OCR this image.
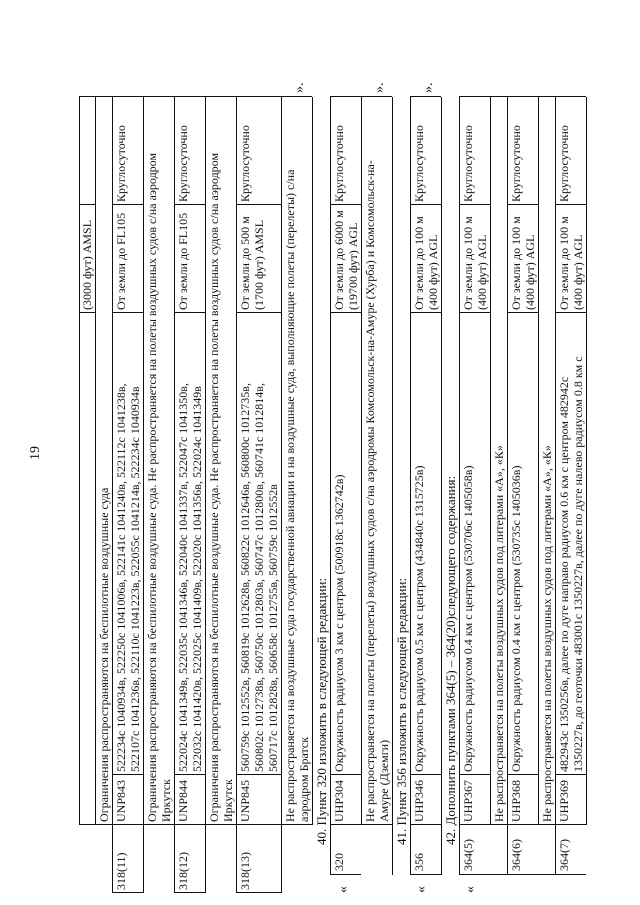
19
(3000 фут) AMSL
Ограничения распространяются на беспилотные воздушные суда
318(11)
UNP843
522234с 1040934в, 522250с 1041006в, 522141с 1041240в, 522112с 1041238в, 522107с 1041236в, 522110с 1041223в, 522055с 1041214в, 522234с 1040934в
От земли до FL105
Круглосуточно Ограничения распространяются на беспилотные воздушные суда. Не распространяется на полеты воздушных судов с/на аэродром Иркутск
318(12)
UNP844
522024с 1041349в, 522035с 1041346в, 522040с 1041337в, 522047с 1041350в, 522032с 1041420в, 522025с 1041409в, 522020с 1041356в, 522024с 1041349в
От земли до FL105
Круглосуточно Ограничения распространяются на беспилотные воздушные суда. Не распространяется на полеты воздушных судов с/на аэродром Иркутск
318(13)
UNP845
560759с 1012552в, 560819с 1012628в, 560822с 1012646в, 560800с 1012735в, 560802с 1012738в, 560750с 1012803в, 560747с 1012800в, 560741с 1012814в, 560717с 1012828в, 560658с 1012755в, 560759с 1012552в
От земли до 500 м (1700 фут) AMSL
Круглосуточно
Не распространяется на воздушные суда государственной авиации и на воздушные суда, выполняющие полеты (перелеты) с/на аэродром Братск
».
40. Пункт 320 изложить в следующей редакции:
«
320
UHP304
Окружность радиусом 3 км с центром (500918с 1362742в)
От земли до 6000 м (19700 фут) AGL
Круглосуточно Не распространяется на полеты (перелеты) воздушных судов с/на аэродромы Комсомольск-на-Амуре (Хурба) и Комсомольск-на- Амуре (Дземги)
».
41. Пункт 356 изложить в следующей редакции:
«
356
UHP346
Окружность радиусом 0.5 км с центром (434840с 1315725в)
От земли до 100 м (400 фут) AGL
Круглосуточно
».
42. Дополнить пунктами 364(5) – 364(20)следующего содержания:
«
364(5)
UHP367
Окружность радиусом 0.4 км с центром (530706с 1405058в)
От земли до 100 м (400 фут) AGL
Круглосуточно
Не распространяется на полеты воздушных судов под литерами «А», «К»
364(6)
UHP368
Окружность радиусом 0.4 км с центром (530735с 1405036в)
От земли до 100 м (400 фут) AGL
Круглосуточно
Не распространяется на полеты воздушных судов под литерами «А», «К»
364(7)
UHP369
482943с 1350256в, далее по дуге направо радиусом 0.6 км с центром 482942с 1350227в, до геоточки 483001с 1350227в, далее по дуге налево радиусом 0.8 км с
От земли до 100 м (400 фут) AGL
Круглосуточно
